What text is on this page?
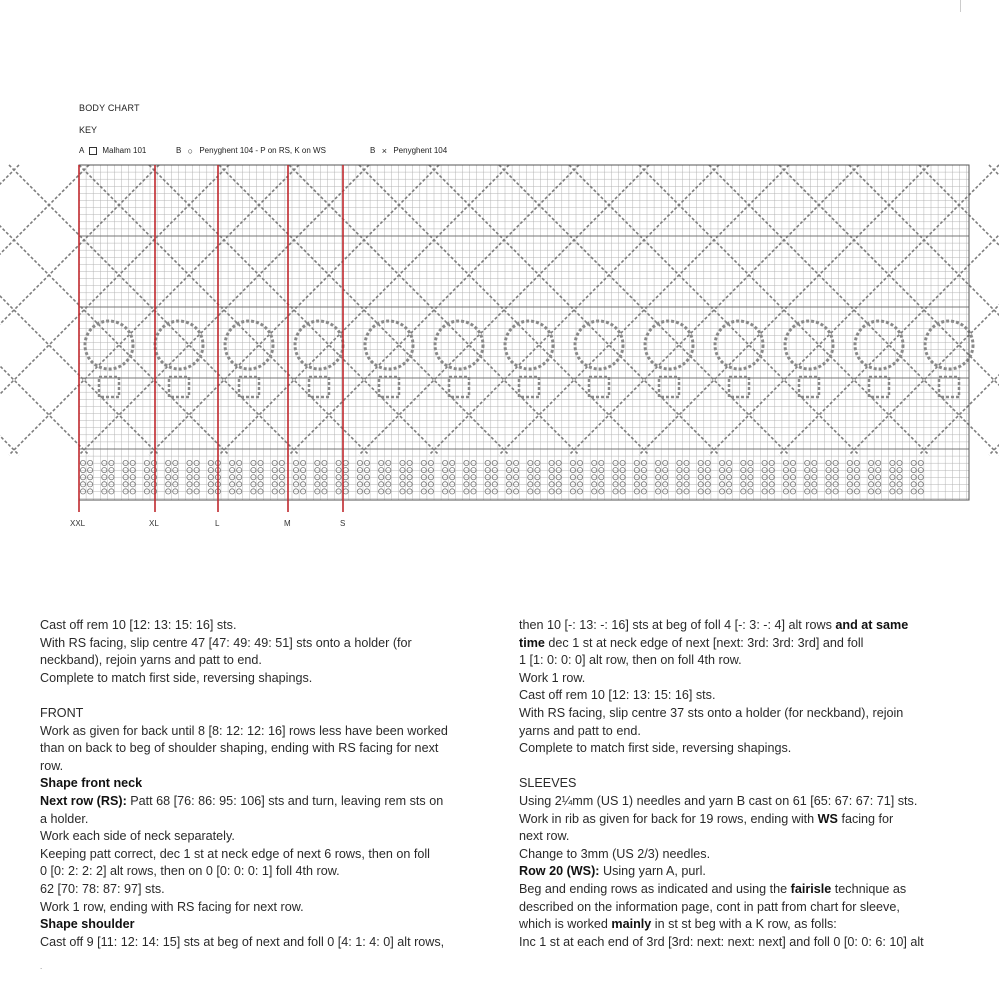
BODY CHART
KEY
A Malham 101	B ○ Penyghent 104 - P on RS, K on WS	B × Penyghent 104
XXL	XL	L	M	S

Cast off rem 10 [12: 13: 15: 16] sts.

With RS facing, slip centre 47 [47: 49: 49: 51] sts onto a holder (for

neckband), rejoin yarns and patt to end.

Complete to match first side, reversing shapings.

FRONT

Work as given for back until 8 [8: 12: 12: 16] rows less have been worked

than on back to beg of shoulder shaping, ending with RS facing for next

row.

Shape front neck

Next row (RS): Patt 68 [76: 86: 95: 106] sts and turn, leaving rem sts on

a holder.

Work each side of neck separately.

Keeping patt correct, dec 1 st at neck edge of next 6 rows, then on foll

0 [0: 2: 2: 2] alt rows, then on 0 [0: 0: 0: 1] foll 4th row.

62 [70: 78: 87: 97] sts.

Work 1 row, ending with RS facing for next row.

Shape shoulder

Cast off 9 [11: 12: 14: 15] sts at beg of next and foll 0 [4: 1: 4: 0] alt rows,

then 10 [-: 13: -: 16] sts at beg of foll 4 [-: 3: -: 4] alt rows and at same

time dec 1 st at neck edge of next [next: 3rd: 3rd: 3rd] and foll

1 [1: 0: 0: 0] alt row, then on foll 4th row.

Work 1 row.

Cast off rem 10 [12: 13: 15: 16] sts.

With RS facing, slip centre 37 sts onto a holder (for neckband), rejoin

yarns and patt to end.

Complete to match first side, reversing shapings.

SLEEVES

Using 2¼mm (US 1) needles and yarn B cast on 61 [65: 67: 67: 71] sts.

Work in rib as given for back for 19 rows, ending with WS facing for

next row.

Change to 3mm (US 2/3) needles.

Row 20 (WS): Using yarn A, purl.

Beg and ending rows as indicated and using the fairisle technique as

described on the information page, cont in patt from chart for sleeve,

which is worked mainly in st st beg with a K row, as folls:

Inc 1 st at each end of 3rd [3rd: next: next: next] and foll 0 [0: 0: 6: 10] alt

.
